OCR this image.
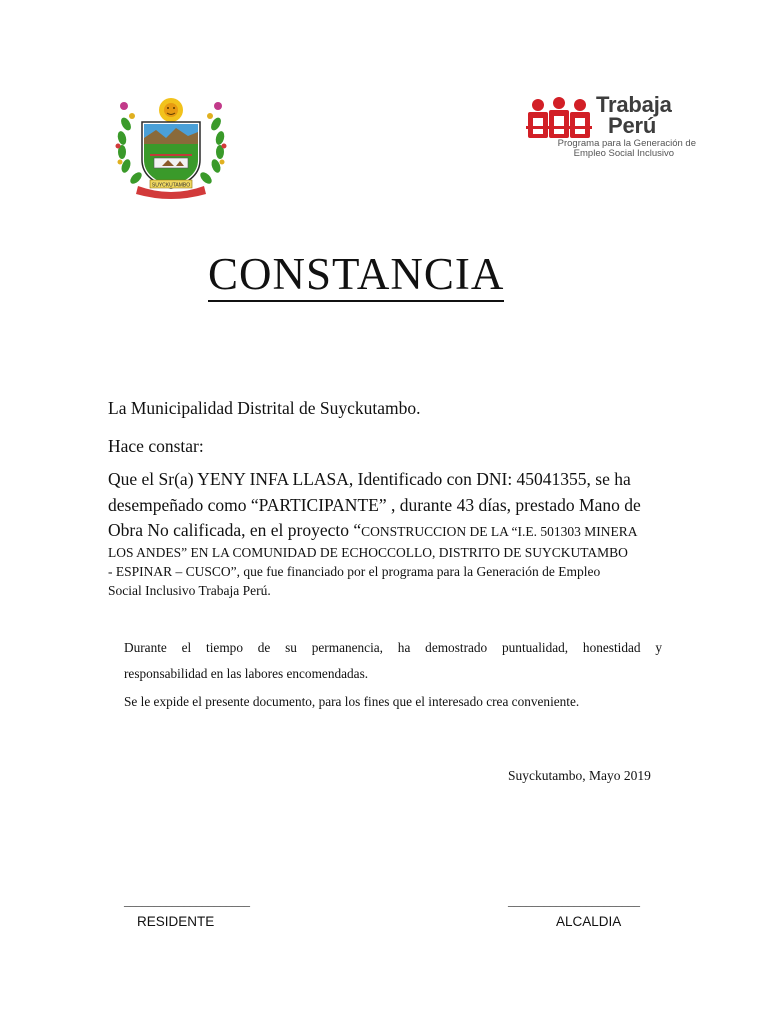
SUYCKUTAMBO
Trabaja
Perú
Programa para la Generación de
Empleo Social Inclusivo
CONSTANCIA
La Municipalidad Distrital de Suyckutambo.
Hace constar:
Que el Sr(a) YENY INFA LLASA, Identificado con DNI: 45041355, se ha
desempeñado como “PARTICIPANTE” , durante 43 días, prestado Mano de
Obra No calificada, en el proyecto “CONSTRUCCION DE LA “I.E. 501303 MINERA
LOS ANDES” EN LA COMUNIDAD DE ECHOCCOLLO, DISTRITO DE SUYCKUTAMBO
- ESPINAR – CUSCO”, que fue financiado por el programa para la Generación de Empleo
Social Inclusivo Trabaja Perú.
Durante el tiempo de su permanencia, ha demostrado puntualidad, honestidad y
responsabilidad en las labores encomendadas.
Se le expide el presente documento, para los fines que el interesado crea conveniente.
Suyckutambo, Mayo 2019
_____________________
RESIDENTE
______________________
ALCALDIA
